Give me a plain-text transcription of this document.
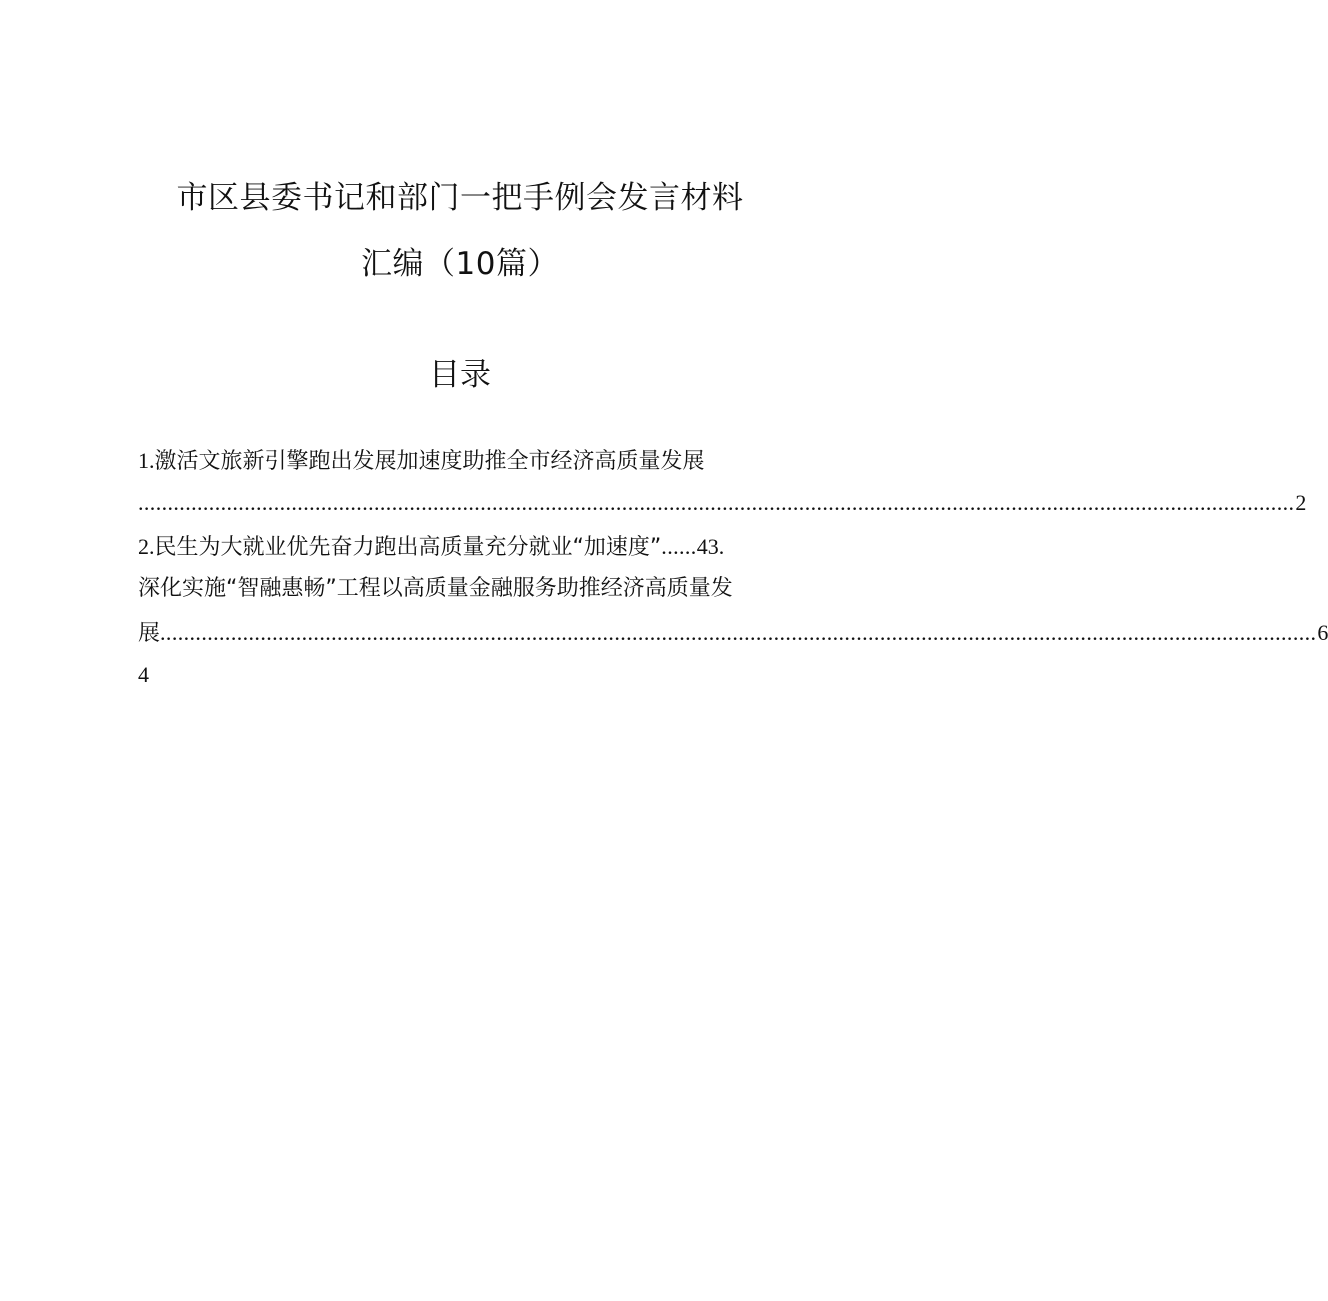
市区县委书记和部门一把手例会发言材料
汇编（10篇）
目录
1.激活文旅新引擎跑出发展加速度助推全市经济高质量发展
.................................................................................................................................................................................................... 2
2.民生为大就业优先奋力跑出高质量充分就业“加速度”......43.
深化实施“智融惠畅”工程以高质量金融服务助推经济高质量发
展 .................................................................................................................................................................................................... 6
4
